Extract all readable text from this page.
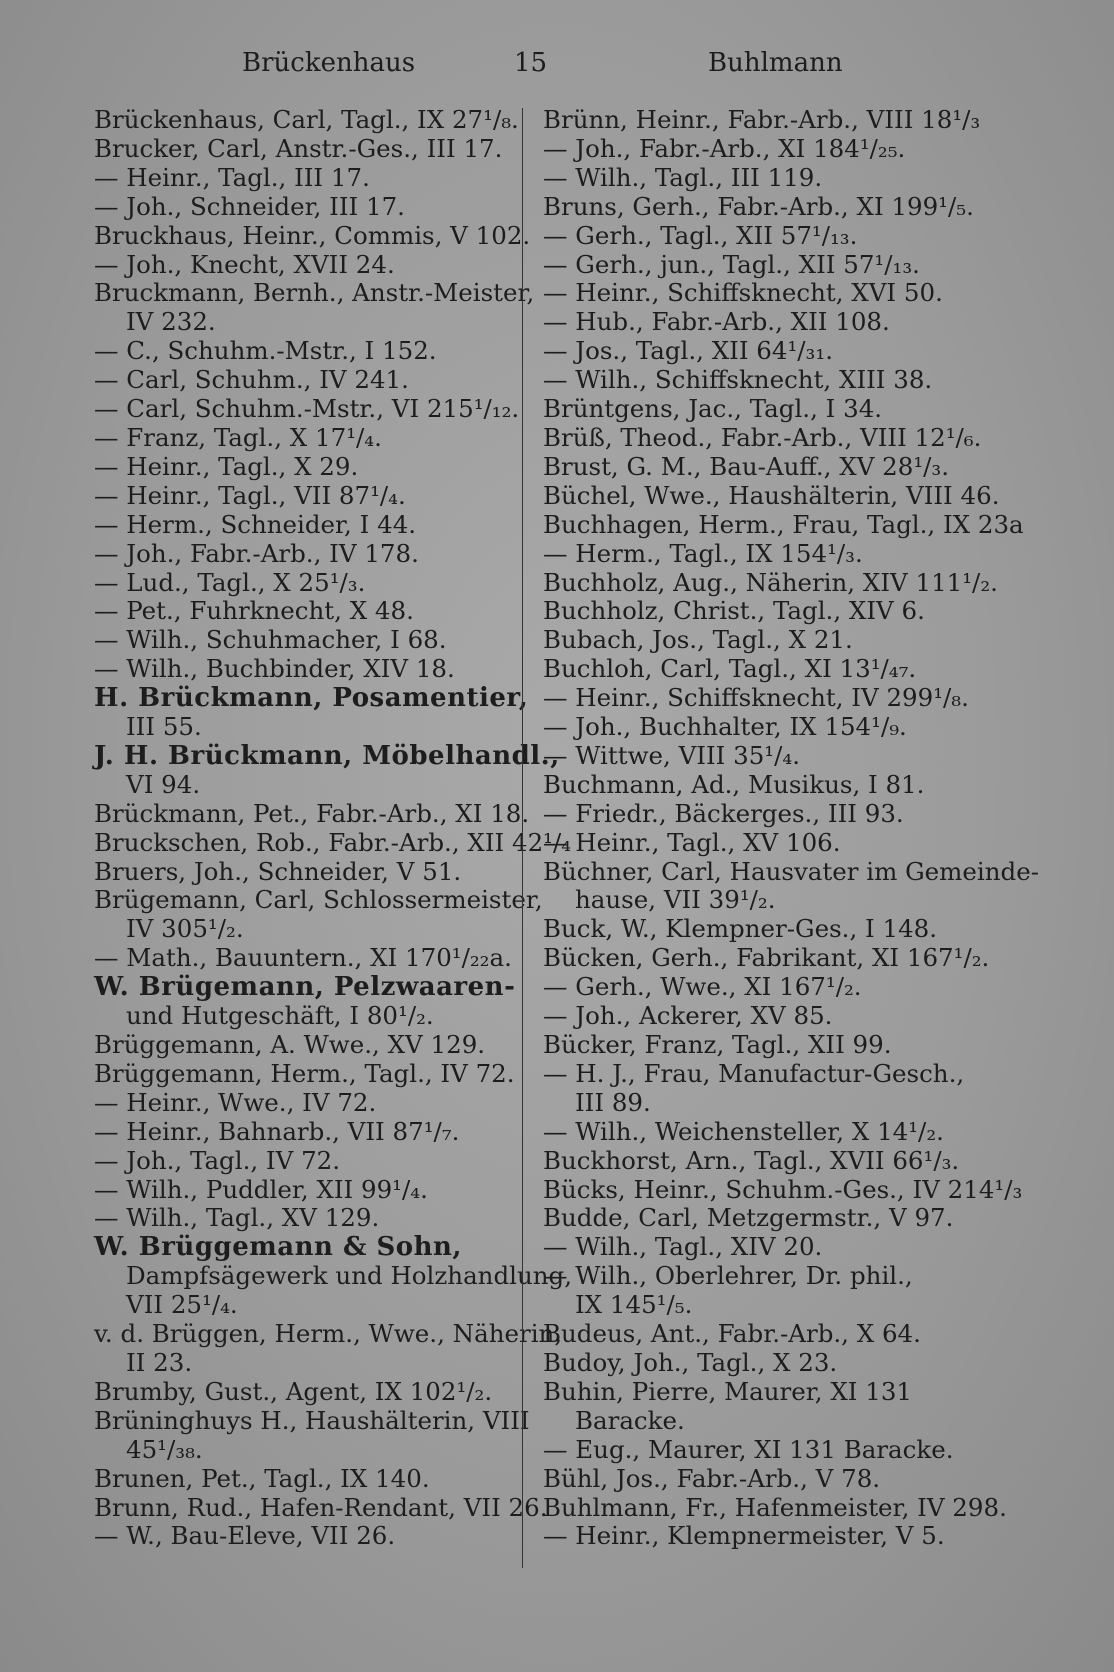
Brückenhaus	15	Buhlmann
Brückenhaus, Carl, Tagl., IX 27¹/₈.
Brucker, Carl, Anstr.-Ges., III 17.
— Heinr., Tagl., III 17.
— Joh., Schneider, III 17.
Bruckhaus, Heinr., Commis, V 102.
— Joh., Knecht, XVII 24.
Bruckmann, Bernh., Anstr.-Meister,
IV 232.
— C., Schuhm.-Mstr., I 152.
— Carl, Schuhm., IV 241.
— Carl, Schuhm.-Mstr., VI 215¹/₁₂.
— Franz, Tagl., X 17¹/₄.
— Heinr., Tagl., X 29.
— Heinr., Tagl., VII 87¹/₄.
— Herm., Schneider, I 44.
— Joh., Fabr.-Arb., IV 178.
— Lud., Tagl., X 25¹/₃.
— Pet., Fuhrknecht, X 48.
— Wilh., Schuhmacher, I 68.
— Wilh., Buchbinder, XIV 18.
H. Brückmann, Posamentier,
III 55.
J. H. Brückmann, Möbelhandl.,
VI 94.
Brückmann, Pet., Fabr.-Arb., XI 18.
Bruckschen, Rob., Fabr.-Arb., XII 42¹/₄
Bruers, Joh., Schneider, V 51.
Brügemann, Carl, Schlossermeister,
IV 305¹/₂.
— Math., Bauuntern., XI 170¹/₂₂a.
W. Brügemann, Pelzwaaren-
und Hutgeschäft, I 80¹/₂.
Brüggemann, A. Wwe., XV 129.
Brüggemann, Herm., Tagl., IV 72.
— Heinr., Wwe., IV 72.
— Heinr., Bahnarb., VII 87¹/₇.
— Joh., Tagl., IV 72.
— Wilh., Puddler, XII 99¹/₄.
— Wilh., Tagl., XV 129.
W. Brüggemann & Sohn,
Dampfsägewerk und Holzhandlung,
VII 25¹/₄.
v. d. Brüggen, Herm., Wwe., Näherin,
II 23.
Brumby, Gust., Agent, IX 102¹/₂.
Brüninghuys H., Haushälterin, VIII
45¹/₃₈.
Brunen, Pet., Tagl., IX 140.
Brunn, Rud., Hafen-Rendant, VII 26.
— W., Bau-Eleve, VII 26.
Brünn, Heinr., Fabr.-Arb., VIII 18¹/₃
— Joh., Fabr.-Arb., XI 184¹/₂₅.
— Wilh., Tagl., III 119.
Bruns, Gerh., Fabr.-Arb., XI 199¹/₅.
— Gerh., Tagl., XII 57¹/₁₃.
— Gerh., jun., Tagl., XII 57¹/₁₃.
— Heinr., Schiffsknecht, XVI 50.
— Hub., Fabr.-Arb., XII 108.
— Jos., Tagl., XII 64¹/₃₁.
— Wilh., Schiffsknecht, XIII 38.
Brüntgens, Jac., Tagl., I 34.
Brüß, Theod., Fabr.-Arb., VIII 12¹/₆.
Brust, G. M., Bau-Auff., XV 28¹/₃.
Büchel, Wwe., Haushälterin, VIII 46.
Buchhagen, Herm., Frau, Tagl., IX 23a
— Herm., Tagl., IX 154¹/₃.
Buchholz, Aug., Näherin, XIV 111¹/₂.
Buchholz, Christ., Tagl., XIV 6.
Bubach, Jos., Tagl., X 21.
Buchloh, Carl, Tagl., XI 13¹/₄₇.
— Heinr., Schiffsknecht, IV 299¹/₈.
— Joh., Buchhalter, IX 154¹/₉.
— Wittwe, VIII 35¹/₄.
Buchmann, Ad., Musikus, I 81.
— Friedr., Bäckerges., III 93.
— Heinr., Tagl., XV 106.
Büchner, Carl, Hausvater im Gemeinde-
hause, VII 39¹/₂.
Buck, W., Klempner-Ges., I 148.
Bücken, Gerh., Fabrikant, XI 167¹/₂.
— Gerh., Wwe., XI 167¹/₂.
— Joh., Ackerer, XV 85.
Bücker, Franz, Tagl., XII 99.
— H. J., Frau, Manufactur-Gesch.,
III 89.
— Wilh., Weichensteller, X 14¹/₂.
Buckhorst, Arn., Tagl., XVII 66¹/₃.
Bücks, Heinr., Schuhm.-Ges., IV 214¹/₃
Budde, Carl, Metzgermstr., V 97.
— Wilh., Tagl., XIV 20.
— Wilh., Oberlehrer, Dr. phil.,
IX 145¹/₅.
Budeus, Ant., Fabr.-Arb., X 64.
Budoy, Joh., Tagl., X 23.
Buhin, Pierre, Maurer, XI 131
Baracke.
— Eug., Maurer, XI 131 Baracke.
Bühl, Jos., Fabr.-Arb., V 78.
Buhlmann, Fr., Hafenmeister, IV 298.
— Heinr., Klempnermeister, V 5.
